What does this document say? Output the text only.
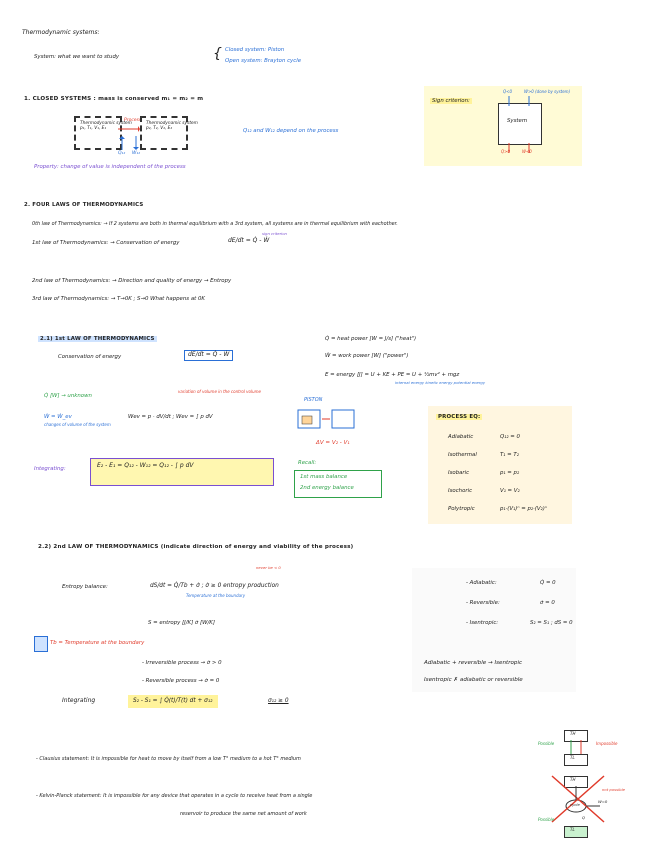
Thermodynamic systems:
System: what we want to study	{ Closed system: Piston
Open system: Brayton cycle
1. CLOSED SYSTEMS : mass is conserved m₁ = m₂ = m
Thermodynamic system
p₁, T₁, V₁, E₁
Process
Thermodynamic system
p₂, T₂, V₂, E₂
Q₁₂ W₁₂
Q₁₂ and W₁₂ depend on the process
Property: change of value is independent of the process
Sign criterion:
System
Q<0	W>0 (done by system)
Q>0	W<0
2. FOUR LAWS OF THERMODYNAMICS
0th law of Thermodynamics: → If 2 systems are both in thermal equilibrium with a 3rd system, all systems are in thermal equilibrium with eachother.
1st law of Thermodynamics: → Conservation of energy	dE/dt = Q̇ - Ẇ
sign criterion
2nd law of Thermodynamics: → Direction and quality of energy → Entropy
3rd law of Thermodynamics: → T→0K ; S→0 What happens at 0K
2.1) 1st LAW OF THERMODYNAMICS
Conservation of energy	dE/dt = Q̇ - Ẇ
Q̇ = heat power [W = J/s] ("heat")
Ẇ = work power [W] ("power")
E = energy [J] = U + KE + PE = U + ½mv² + mgz
internal energy kinetic energy potential energy
Q̇ [W] → unknown
Ẇ = Ẇ_ev
changes of volume of the system
variation of volume in the control volume
Wev = p · dV/dt ; Wev = ∫ p dV
PISTON
ΔV = V₂ - V₁
Integrating:	E₂ - E₁ = Q₁₂ - W₁₂ = Q₁₂ - ∫ p dV	Recall:
1st mass balance
2nd energy balance
PROCESS EQ:
Adiabatic	Q₁₂ = 0
Isothermal	T₁ = T₂
Isobaric	p₁ = p₂
Isochoric	V₁ = V₂
Polytropic	p₁·(V₁)ⁿ = p₂·(V₂)ⁿ
2.2) 2nd LAW OF THERMODYNAMICS (indicate direction of energy and viability of the process)
Entropy balance:	dS/dt = Q̇/Tb + σ̇ ; σ̇ ≥ 0 entropy production
Temperature at the boundary
never be < 0
S = entropy [J/K] σ̇ [W/K]
Tb = Temperature at the boundary
- Irreversible process → σ̇ > 0
- Reversible process → σ̇ = 0
Integrating	S₂ - S₁ = ∫ Q̇(t)/T(t) dt + σ₁₂	σ₁₂ ≥ 0
- Adiabatic:	Q̇ = 0
- Reversible:	σ̇ = 0
- Isentropic:	S₂ = S₁ ; dS = 0
Adiabatic + reversible → Isentropic
Isentropic ✗ adiabatic or reversible
- Clausius statement: It is impossible for heat to move by itself from a low T° medium to a hot T° medium
- Kelvin-Planck statement: It is impossible for any device that operates in a cycle to receive heat from a single
reservoir to produce the same net amount of work
TH
TL
Possible	Impossible
TH
cycle
W=0
not possible
Possible	Q
TL
